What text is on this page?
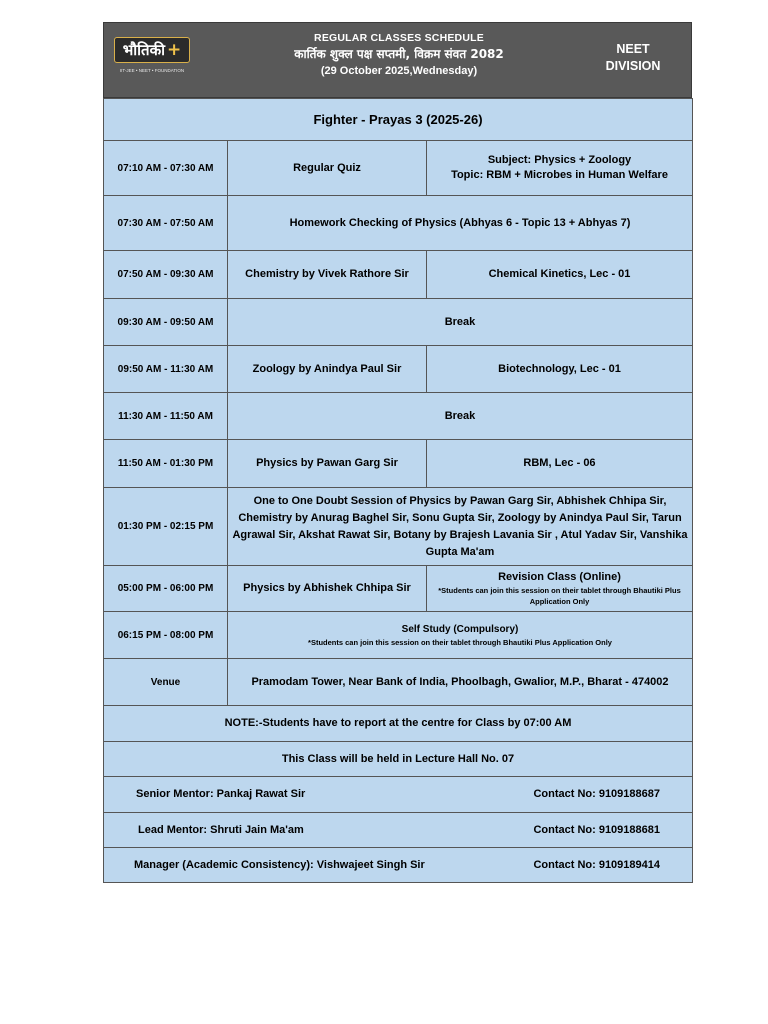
भौतिकी +
IIT-JEE • NEET • FOUNDATION
REGULAR CLASSES SCHEDULE
कार्तिक शुक्ल पक्ष सप्तमी, विक्रम संवत 2082
(29 October 2025,Wednesday)
NEET
DIVISION
Fighter - Prayas 3 (2025-26)		
07:10 AM - 07:30 AM	Regular Quiz	Subject: Physics + Zoology
Topic: RBM + Microbes in Human Welfare

07:30 AM - 07:50 AM	Homework Checking of Physics (Abhyas 6 - Topic 13 + Abhyas 7)	
07:50 AM - 09:30 AM	Chemistry by Vivek Rathore Sir	Chemical Kinetics, Lec - 01
09:30 AM - 09:50 AM	Break	
09:50 AM - 11:30 AM	Zoology by Anindya Paul Sir	Biotechnology, Lec - 01
11:30 AM - 11:50 AM	Break	
11:50 AM - 01:30 PM	Physics by Pawan Garg Sir	RBM, Lec - 06
01:30 PM - 02:15 PM	One to One Doubt Session of Physics by Pawan Garg Sir, Abhishek Chhipa Sir, Chemistry by Anurag Baghel Sir, Sonu Gupta Sir, Zoology by Anindya Paul Sir, Tarun Agrawal Sir, Akshat Rawat Sir, Botany by Brajesh Lavania Sir , Atul Yadav Sir, Vanshika Gupta Ma'am	
05:00 PM - 06:00 PM	Physics by Abhishek Chhipa Sir	Revision Class (Online)
*Students can join this session on their tablet through Bhautiki Plus Application Only

06:15 PM - 08:00 PM	Self Study (Compulsory)
*Students can join this session on their tablet through Bhautiki Plus Application Only	

Venue	Pramodam Tower, Near Bank of India, Phoolbagh, Gwalior, M.P., Bharat - 474002	
NOTE:-Students have to report at the centre for Class by 07:00 AM		
This Class will be held in Lecture Hall No. 07		

Senior Mentor: Pankaj Rawat Sir Contact No: 9109188687		

Lead Mentor: Shruti Jain Ma'am Contact No: 9109188681		

Manager (Academic Consistency): Vishwajeet Singh Sir Contact No: 9109189414		
